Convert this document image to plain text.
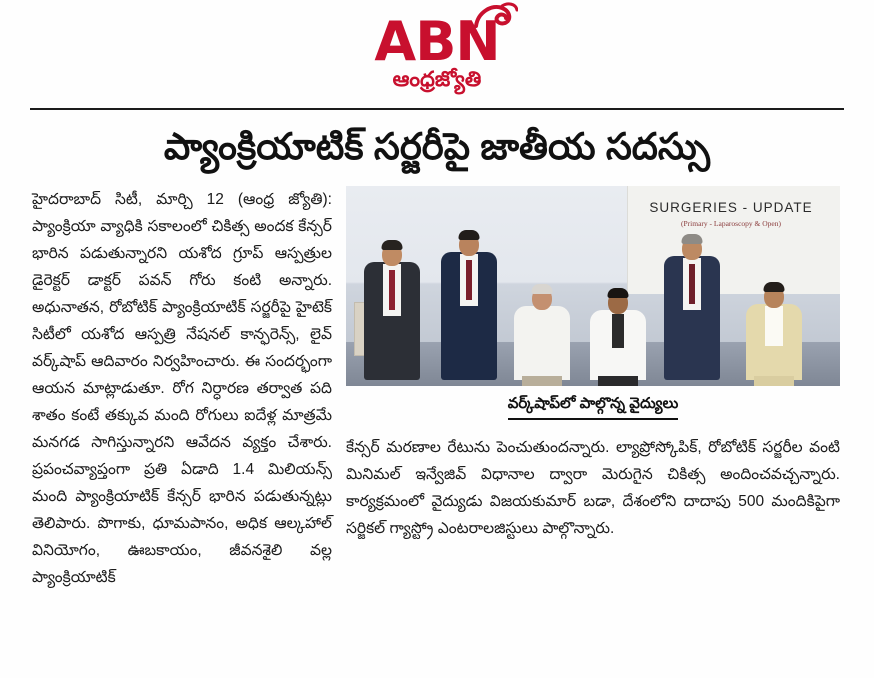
ABN
ఆంధ్రజ్యోతి
ప్యాంక్రియాటిక్ సర్జరీపై జాతీయ సదస్సు

హైదరాబాద్ సిటీ, మార్చి 12 (ఆంధ్ర జ్యోతి): ప్యాంక్రియా వ్యాధికి సకాలంలో చికిత్స అందక కేన్సర్ భారిన పడుతున్నారని యశోద గ్రూప్ ఆస్పత్రుల డైరెక్టర్ డాక్టర్ పవన్ గోరు కంటి అన్నారు. అధునాతన, రోబోటిక్ ప్యాంక్రియాటిక్ సర్జరీపై హైటెక్ సిటీలో యశోద ఆస్పత్రి నేషనల్ కాన్ఫరెన్స్, లైవ్ వర్క్‌షాప్ ఆదివారం నిర్వహించారు. ఈ సందర్భంగా ఆయన మాట్లాడుతూ. రోగ నిర్ధారణ తర్వాత పది శాతం కంటే తక్కువ మంది రోగులు ఐదేళ్ల మాత్రమే మనగడ సాగిస్తున్నారని ఆవేదన వ్యక్తం చేశారు. ప్రపంచవ్యాప్తంగా ప్రతి ఏడాది 1.4 మిలియన్స్ మంది ప్యాంక్రియాటిక్ కేన్సర్ భారిన పడుతున్నట్లు తెలిపారు. పొగాకు, ధూమపానం, అధిక ఆల్కహాల్ వినియోగం, ఊబకాయం, జీవనశైలి వల్ల ప్యాంక్రియాటిక్

SURGERIES - UPDATE
(Primary - Laparoscopy & Open)
వర్క్‌షాప్‌లో పాల్గొన్న వైద్యులు

కేన్సర్ మరణాల రేటును పెంచుతుందన్నారు. ల్యాప్రోస్కోపిక్, రోబోటిక్ సర్జరీల వంటి మినిమల్ ఇన్వేజివ్ విధానాల ద్వారా మెరుగైన చికిత్స అందించవచ్చన్నారు. కార్యక్రమంలో వైద్యుడు విజయకుమార్ బడా, దేశంలోని దాదాపు 500 మందికిపైగా సర్జికల్ గ్యాస్ట్రో ఎంటరాలజిస్టులు పాల్గొన్నారు.
